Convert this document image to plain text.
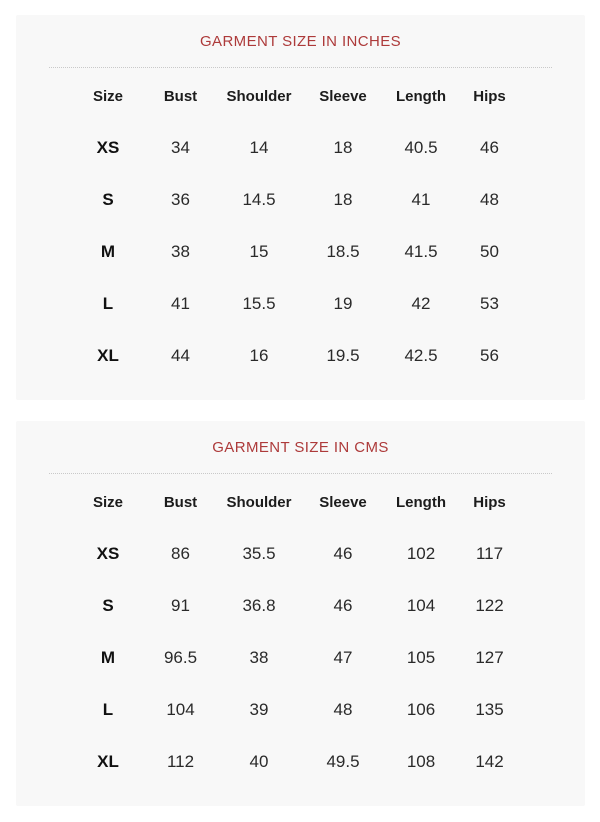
GARMENT SIZE IN INCHES
Size	Bust	Shoulder	Sleeve	Length	Hips
XS	34	14	18	40.5	46
S	36	14.5	18	41	48
M	38	15	18.5	41.5	50
L	41	15.5	19	42	53
XL	44	16	19.5	42.5	56
GARMENT SIZE IN CMS
Size	Bust	Shoulder	Sleeve	Length	Hips
XS	86	35.5	46	102	117
S	91	36.8	46	104	122
M	96.5	38	47	105	127
L	104	39	48	106	135
XL	112	40	49.5	108	142
